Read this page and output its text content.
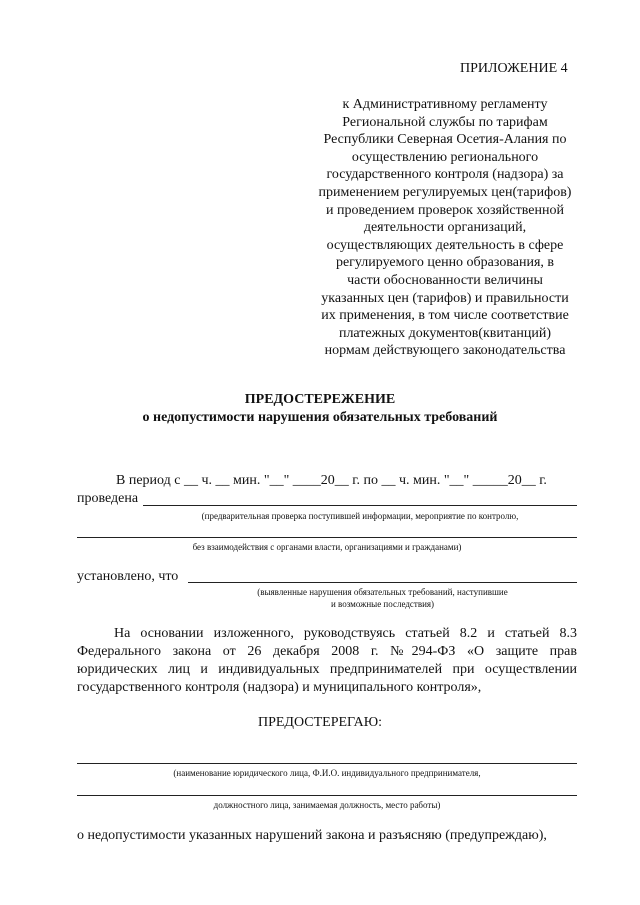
ПРИЛОЖЕНИЕ 4
к Административному регламенту
Региональной службы по тарифам
Республики Северная Осетия-Алания по
осуществлению регионального
государственного контроля (надзора) за
применением регулируемых цен(тарифов)
и проведением проверок хозяйственной
деятельности организаций,
осуществляющих деятельность в сфере
регулируемого ценно образования, в
части обоснованности величины
указанных цен (тарифов) и правильности
их применения, в том числе соответствие
платежных документов(квитанций)
нормам действующего законодательства
ПРЕДОСТЕРЕЖЕНИЕ
о недопустимости нарушения обязательных требований
В период с __ ч. __ мин. "__" ____20__ г. по __ ч. мин. "__" _____20__ г.
проведена
(предварительная проверка поступившей информации, мероприятие по контролю,
без взаимодействия с органами власти, организациями и гражданами)
установлено, что
(выявленные нарушения обязательных требований, наступившие
и возможные последствия)
На основании изложенного, руководствуясь статьей 8.2 и статьей 8.3
Федерального закона от 26 декабря 2008 г. №294-ФЗ «О защите прав
юридических лиц и индивидуальных предпринимателей при осуществлении
государственного контроля (надзора) и муниципального контроля»,
ПРЕДОСТЕРЕГАЮ:
(наименование юридического лица, Ф.И.О. индивидуального предпринимателя,
должностного лица, занимаемая должность, место работы)
о недопустимости указанных нарушений закона и разъясняю (предупреждаю),
